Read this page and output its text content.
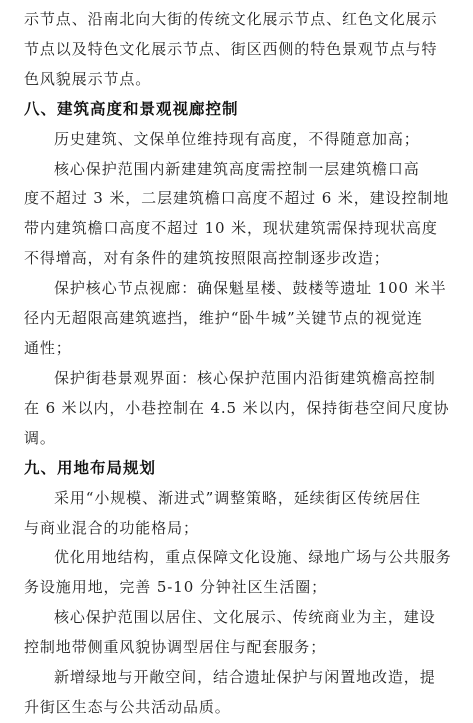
示节点、沿南北向大街的传统文化展示节点、红色文化展示
节点以及特色文化展示节点、街区西侧的特色景观节点与特
色风貌展示节点。
八、建筑高度和景观视廊控制
历史建筑、文保单位维持现有高度，不得随意加高；
核心保护范围内新建建筑高度需控制一层建筑檐口高
度不超过 3 米，二层建筑檐口高度不超过 6 米，建设控制地
带内建筑檐口高度不超过 10 米，现状建筑需保持现状高度
不得增高，对有条件的建筑按照限高控制逐步改造；
保护核心节点视廊：确保魁星楼、鼓楼等遗址 100 米半
径内无超限高建筑遮挡，维护“卧牛城”关键节点的视觉连
通性；
保护街巷景观界面：核心保护范围内沿街建筑檐高控制
在 6 米以内，小巷控制在 4.5 米以内，保持街巷空间尺度协
调。
九、用地布局规划
采用“小规模、渐进式”调整策略，延续街区传统居住
与商业混合的功能格局；
优化用地结构，重点保障文化设施、绿地广场与公共服务
务设施用地，完善 5-10 分钟社区生活圈；
核心保护范围以居住、文化展示、传统商业为主，建设
控制地带侧重风貌协调型居住与配套服务；
新增绿地与开敞空间，结合遗址保护与闲置地改造，提
升街区生态与公共活动品质。
